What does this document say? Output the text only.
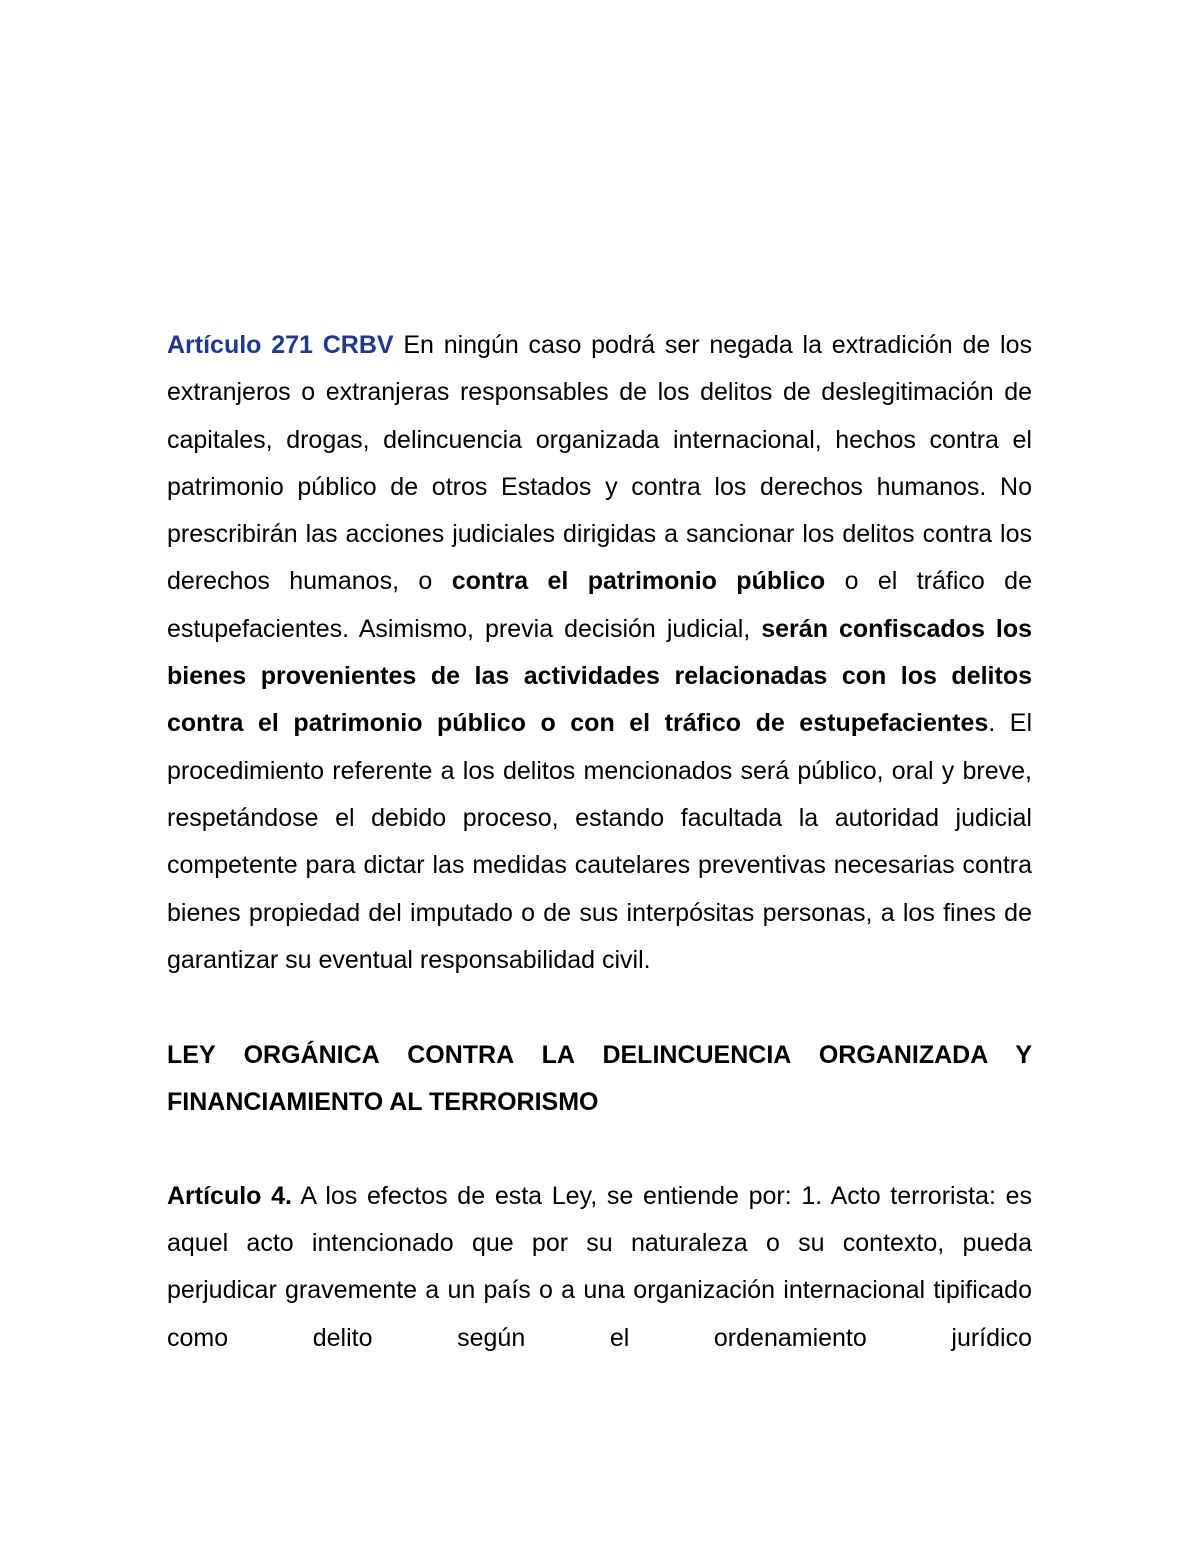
Artículo 271 CRBV En ningún caso podrá ser negada la extradición de los extranjeros o extranjeras responsables de los delitos de deslegitimación de capitales, drogas, delincuencia organizada internacional, hechos contra el patrimonio público de otros Estados y contra los derechos humanos. No prescribirán las acciones judiciales dirigidas a sancionar los delitos contra los derechos humanos, o contra el patrimonio público o el tráfico de estupefacientes. Asimismo, previa decisión judicial, serán confiscados los bienes provenientes de las actividades relacionadas con los delitos contra el patrimonio público o con el tráfico de estupefacientes. El procedimiento referente a los delitos mencionados será público, oral y breve, respetándose el debido proceso, estando facultada la autoridad judicial competente para dictar las medidas cautelares preventivas necesarias contra bienes propiedad del imputado o de sus interpósitas personas, a los fines de garantizar su eventual responsabilidad civil.

LEY ORGÁNICA CONTRA LA DELINCUENCIA ORGANIZADA Y FINANCIAMIENTO AL TERRORISMO

Artículo 4. A los efectos de esta Ley, se entiende por: 1. Acto terrorista: es aquel acto intencionado que por su naturaleza o su contexto, pueda perjudicar gravemente a un país o a una organización internacional tipificado como delito según el ordenamiento jurídico
